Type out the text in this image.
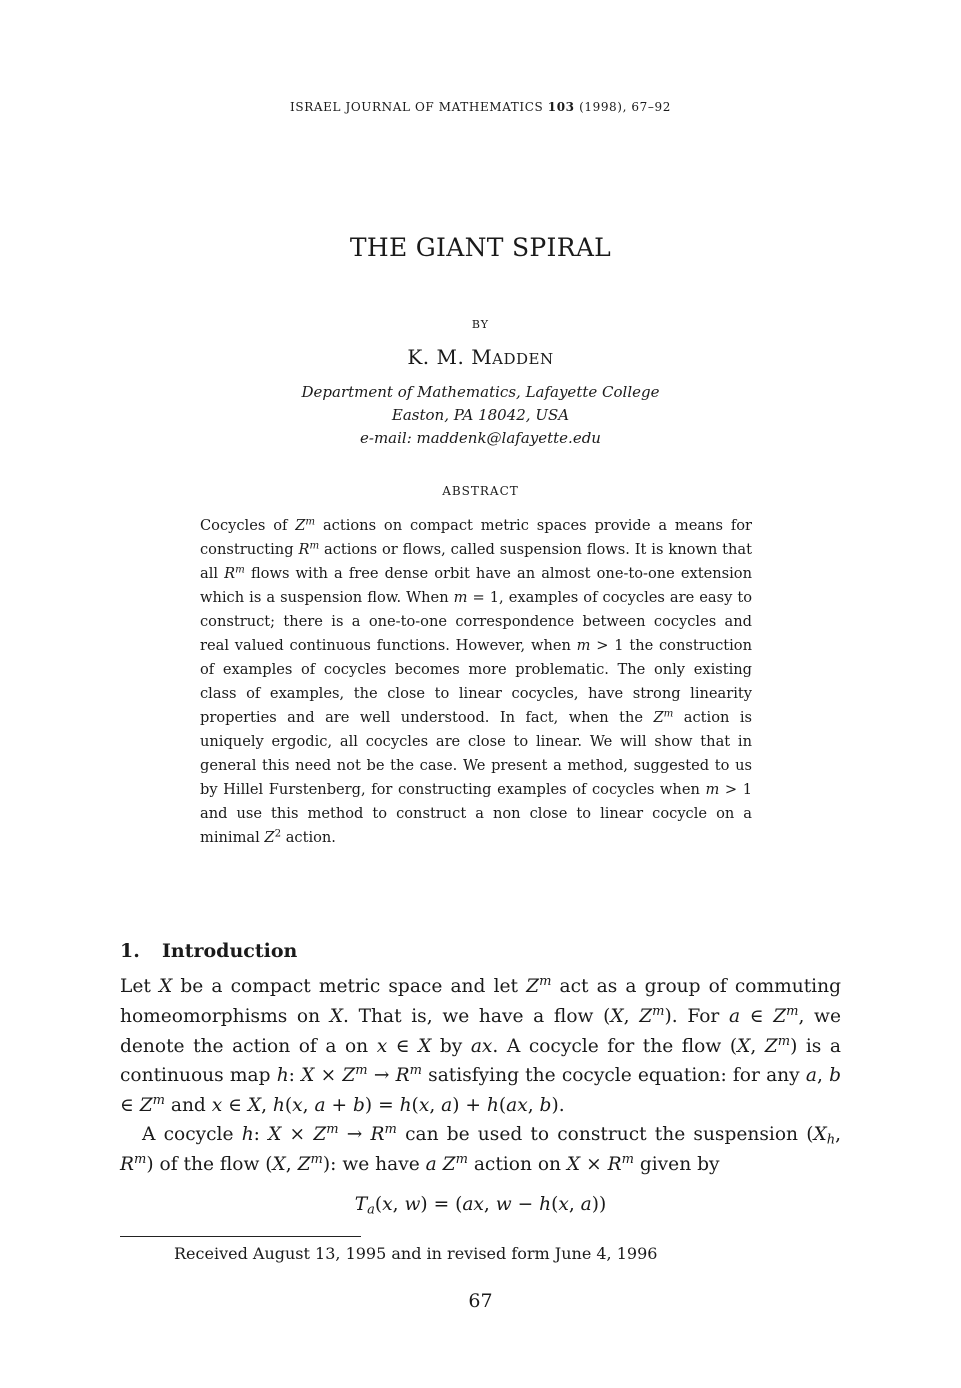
ISRAEL JOURNAL OF MATHEMATICS 103 (1998), 67–92
THE GIANT SPIRAL
BY
K. M. MADDEN
Department of Mathematics, Lafayette College
Easton, PA 18042, USA
e-mail: maddenk@lafayette.edu
ABSTRACT
Cocycles of $Z^m$ actions on compact metric spaces provide a means for constructing $R^m$ actions or flows, called suspension flows. It is known that all $R^m$ flows with a free dense orbit have an almost one-to-one extension which is a suspension flow. When m = 1, examples of cocycles are easy to construct; there is a one-to-one correspondence between cocycles and real valued continuous functions. However, when m > 1 the construction of examples of cocycles becomes more problematic. The only existing class of examples, the close to linear cocycles, have strong linearity properties and are well understood. In fact, when the $Z^m$ action is uniquely ergodic, all cocycles are close to linear. We will show that in general this need not be the case. We present a method, suggested to us by Hillel Furstenberg, for constructing examples of cocycles when m > 1 and use this method to construct a non close to linear cocycle on a minimal $Z^2$ action.
1. Introduction
Let X be a compact metric space and let $Z^m$ act as a group of commuting homeomorphisms on X. That is, we have a flow (X, $Z^m$). For a ∈ $Z^m$, we denote the action of a on x ∈ X by ax. A cocycle for the flow (X, $Z^m$) is a continuous map h: $X \times Z^m \to R^m$ satisfying the cocycle equation: for any a, b ∈ $Z^m$ and x ∈ X, h(x, a + b) = h(x, a) + h(ax, b).
A cocycle h: $X \times Z^m \to R^m$ can be used to construct the suspension ($X_h$, $R^m$) of the flow (X, $Z^m$): we have a $Z^m$ action on $X \times R^m$ given by
$T_a(x$, w) = (ax, w − h(x, a))
Received August 13, 1995 and in revised form June 4, 1996
67
